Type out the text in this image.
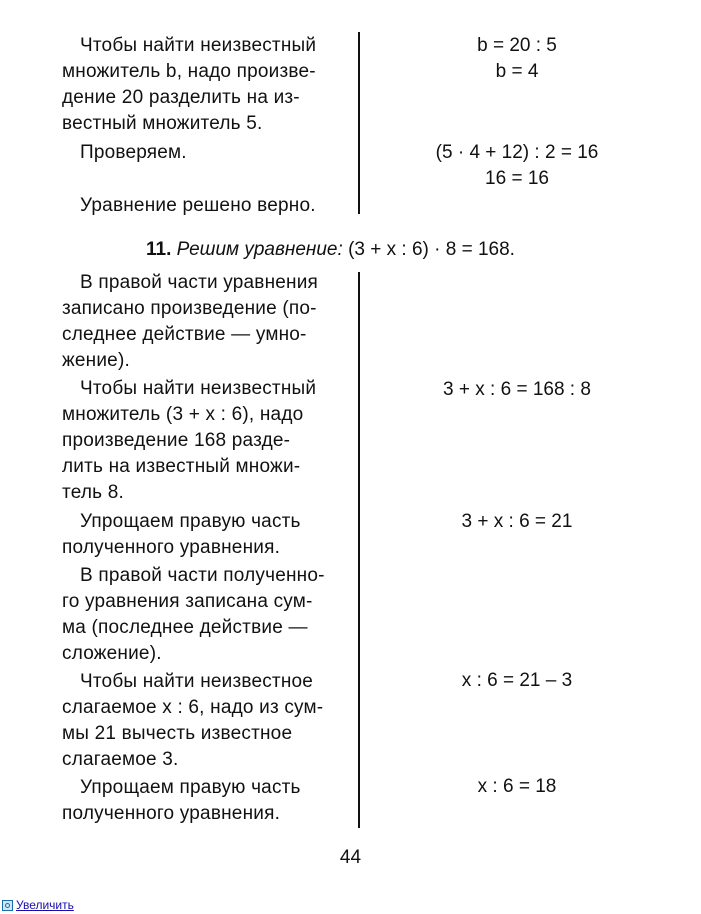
Чтобы найти неизвестный
множитель b, надо произве-
дение 20 разделить на из-
вестный множитель 5.
Проверяем.
Уравнение решено верно.
b = 20 : 5
b = 4
(5 · 4 + 12) : 2 = 16
16 = 16
11. Решим уравнение: (3 + x : 6) · 8 = 168.
В правой части уравнения
записано произведение (по-
следнее действие — умно-
жение).
Чтобы найти неизвестный
множитель (3 + x : 6), надо
произведение 168 разде-
лить на известный множи-
тель 8.
Упрощаем правую часть
полученного уравнения.
В правой части полученно-
го уравнения записана сум-
ма (последнее действие —
сложение).
Чтобы найти неизвестное
слагаемое x : 6, надо из сум-
мы 21 вычесть известное
слагаемое 3.
Упрощаем правую часть
полученного уравнения.
3 + x : 6 = 168 : 8
3 + x : 6 = 21
x : 6 = 21 – 3
x : 6 = 18
44
Увеличить
